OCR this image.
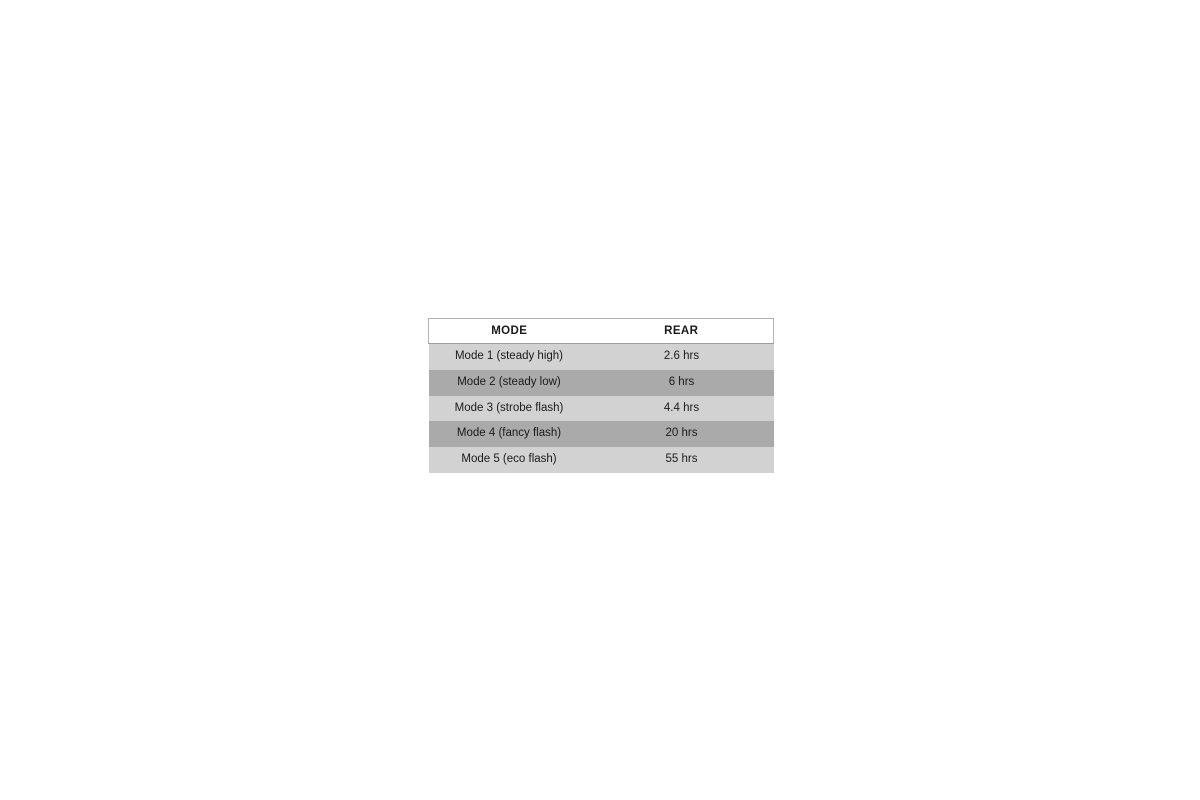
MODE	REAR
Mode 1 (steady high)	2.6 hrs
Mode 2 (steady low)	6 hrs
Mode 3 (strobe flash)	4.4 hrs
Mode 4 (fancy flash)	20 hrs
Mode 5 (eco flash)	55 hrs
